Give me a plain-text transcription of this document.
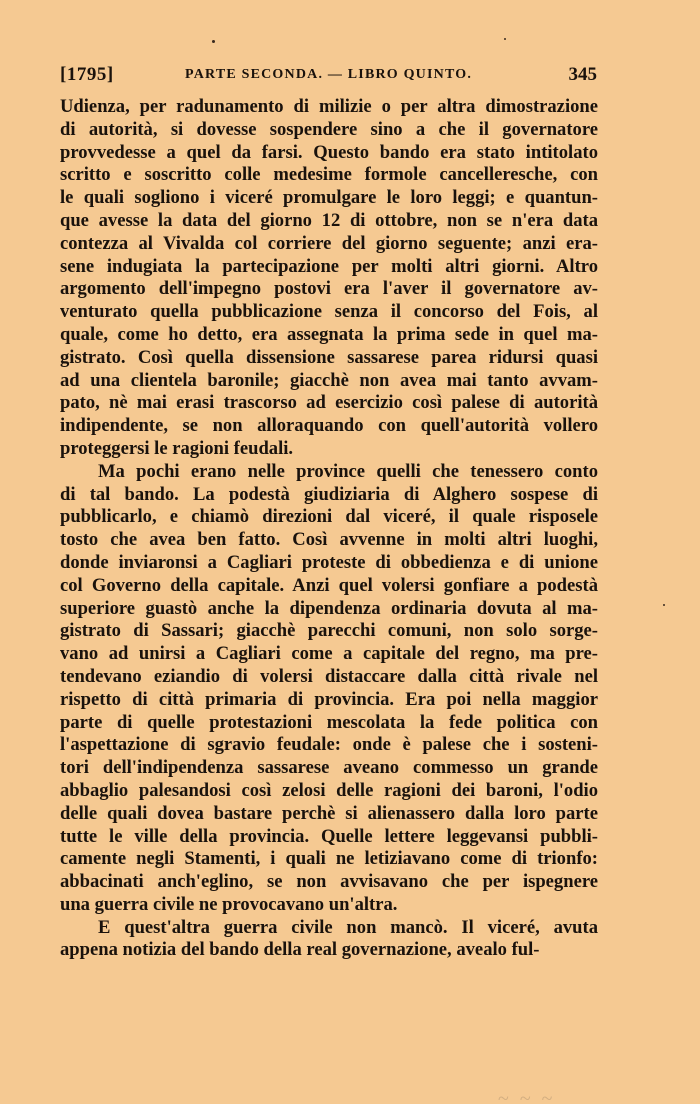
[1795]	PARTE SECONDA. — LIBRO QUINTO.	345
Udienza, per radunamento di milizie o per altra dimostrazione
di autorità, si dovesse sospendere sino a che il governatore
provvedesse a quel da farsi. Questo bando era stato intitolato
scritto e soscritto colle medesime formole cancelleresche, con
le quali sogliono i viceré promulgare le loro leggi; e quantun-
que avesse la data del giorno 12 di ottobre, non se n'era data
contezza al Vivalda col corriere del giorno seguente; anzi era-
sene indugiata la partecipazione per molti altri giorni. Altro
argomento dell'impegno postovi era l'aver il governatore av-
venturato quella pubblicazione senza il concorso del Fois, al
quale, come ho detto, era assegnata la prima sede in quel ma-
gistrato. Così quella dissensione sassarese parea ridursi quasi
ad una clientela baronile; giacchè non avea mai tanto avvam-
pato, nè mai erasi trascorso ad esercizio così palese di autorità
indipendente, se non alloraquando con quell'autorità vollero
proteggersi le ragioni feudali.
Ma pochi erano nelle province quelli che tenessero conto
di tal bando. La podestà giudiziaria di Alghero sospese di
pubblicarlo, e chiamò direzioni dal viceré, il quale risposele
tosto che avea ben fatto. Così avvenne in molti altri luoghi,
donde inviaronsi a Cagliari proteste di obbedienza e di unione
col Governo della capitale. Anzi quel volersi gonfiare a podestà
superiore guastò anche la dipendenza ordinaria dovuta al ma-
gistrato di Sassari; giacchè parecchi comuni, non solo sorge-
vano ad unirsi a Cagliari come a capitale del regno, ma pre-
tendevano eziandio di volersi distaccare dalla città rivale nel
rispetto di città primaria di provincia. Era poi nella maggior
parte di quelle protestazioni mescolata la fede politica con
l'aspettazione di sgravio feudale: onde è palese che i sosteni-
tori dell'indipendenza sassarese aveano commesso un grande
abbaglio palesandosi così zelosi delle ragioni dei baroni, l'odio
delle quali dovea bastare perchè si alienassero dalla loro parte
tutte le ville della provincia. Quelle lettere leggevansi pubbli-
camente negli Stamenti, i quali ne letiziavano come di trionfo:
abbacinati anch'eglino, se non avvisavano che per ispegnere
una guerra civile ne provocavano un'altra.
E quest'altra guerra civile non mancò. Il viceré, avuta
appena notizia del bando della real governazione, avealo ful-
~ ~ ~
